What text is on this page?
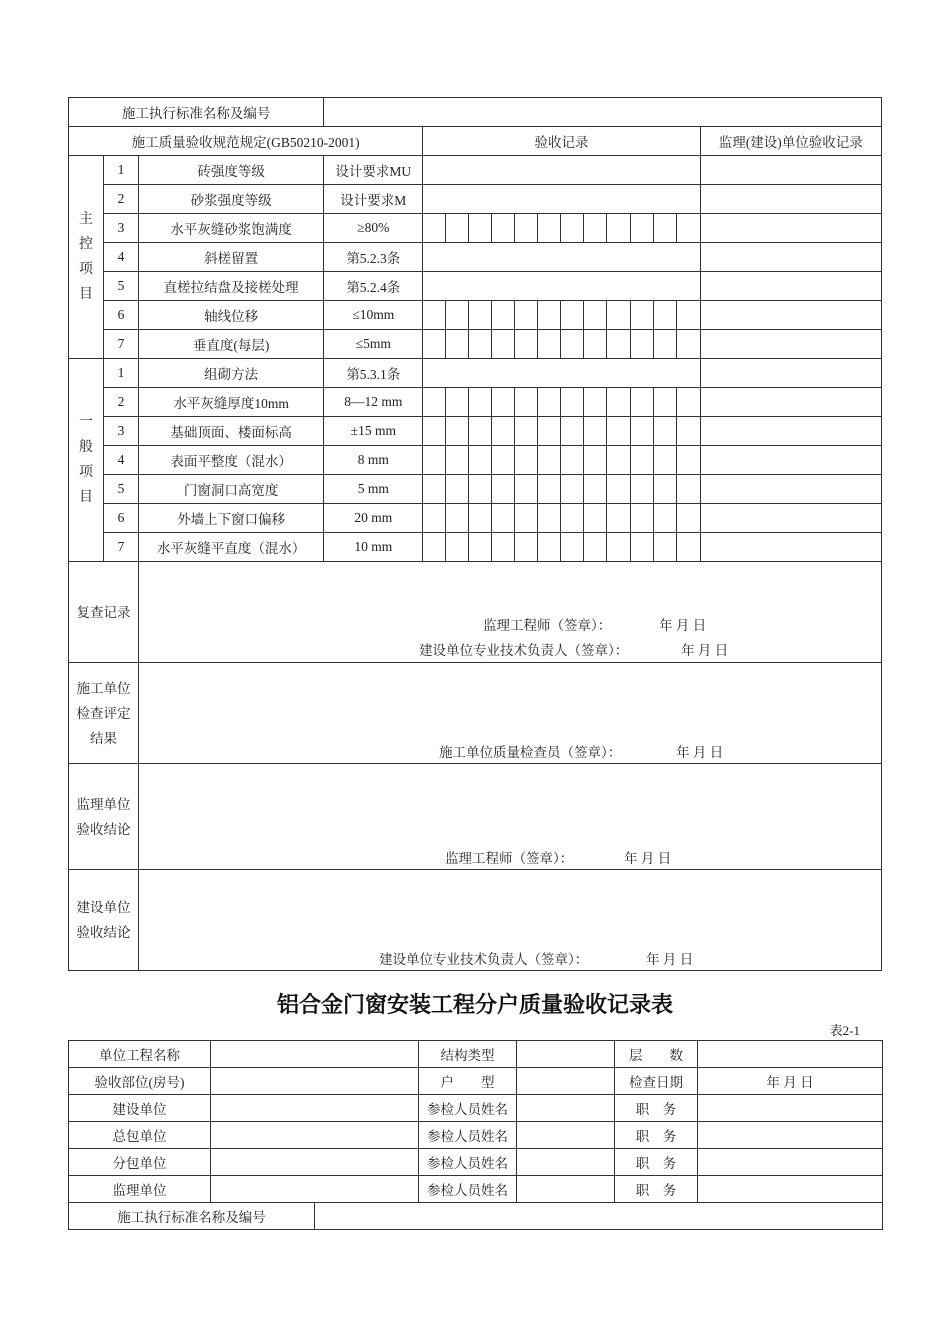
施工执行标准名称及编号																
施工质量验收规范规定(GB50210-2001)				验收记录												监理(建设)单位验收记录
主
控
项
目	1	砖强度等级	设计要求MU													
	2	砂浆强度等级	设计要求M													
	3	水平灰缝砂浆饱满度	≥80%													
	4	斜槎留置	第5.2.3条													
	5	直槎拉结盘及接槎处理	第5.2.4条													
	6	轴线位移	≤10mm													
	7	垂直度(每层)	≤5mm													
一
般
项
目	1	组砌方法	第5.3.1条													
	2	水平灰缝厚度10mm	8—12 mm													
	3	基础顶面、楼面标高	±15 mm													
	4	表面平整度（混水）	8 mm													
	5	门窗洞口高宽度	5 mm													
	6	外墙上下窗口偏移	20 mm													
	7	水平灰缝平直度（混水）	10 mm													
复查记录		监理工程师（签章）： 年 月 日
建设单位专业技术负责人（签章）： 年 月 日														

施工单位检查评定结果		施工单位质量检查员（签章）： 年 月 日														

监理单位验收结论		监理工程师（签章）： 年 月 日														

建设单位验收结论		建设单位专业技术负责人（签章）： 年 月 日														
铝合金门窗安装工程分户质量验收记录表
表2-1
单位工程名称			结构类型		层　　数	
验收部位(房号)			户　　型		检查日期	年 月 日
建设单位			参检人员姓名		职　务	
总包单位			参检人员姓名		职　务	
分包单位			参检人员姓名		职　务	
监理单位			参检人员姓名		职　务	
施工执行标准名称及编号						
